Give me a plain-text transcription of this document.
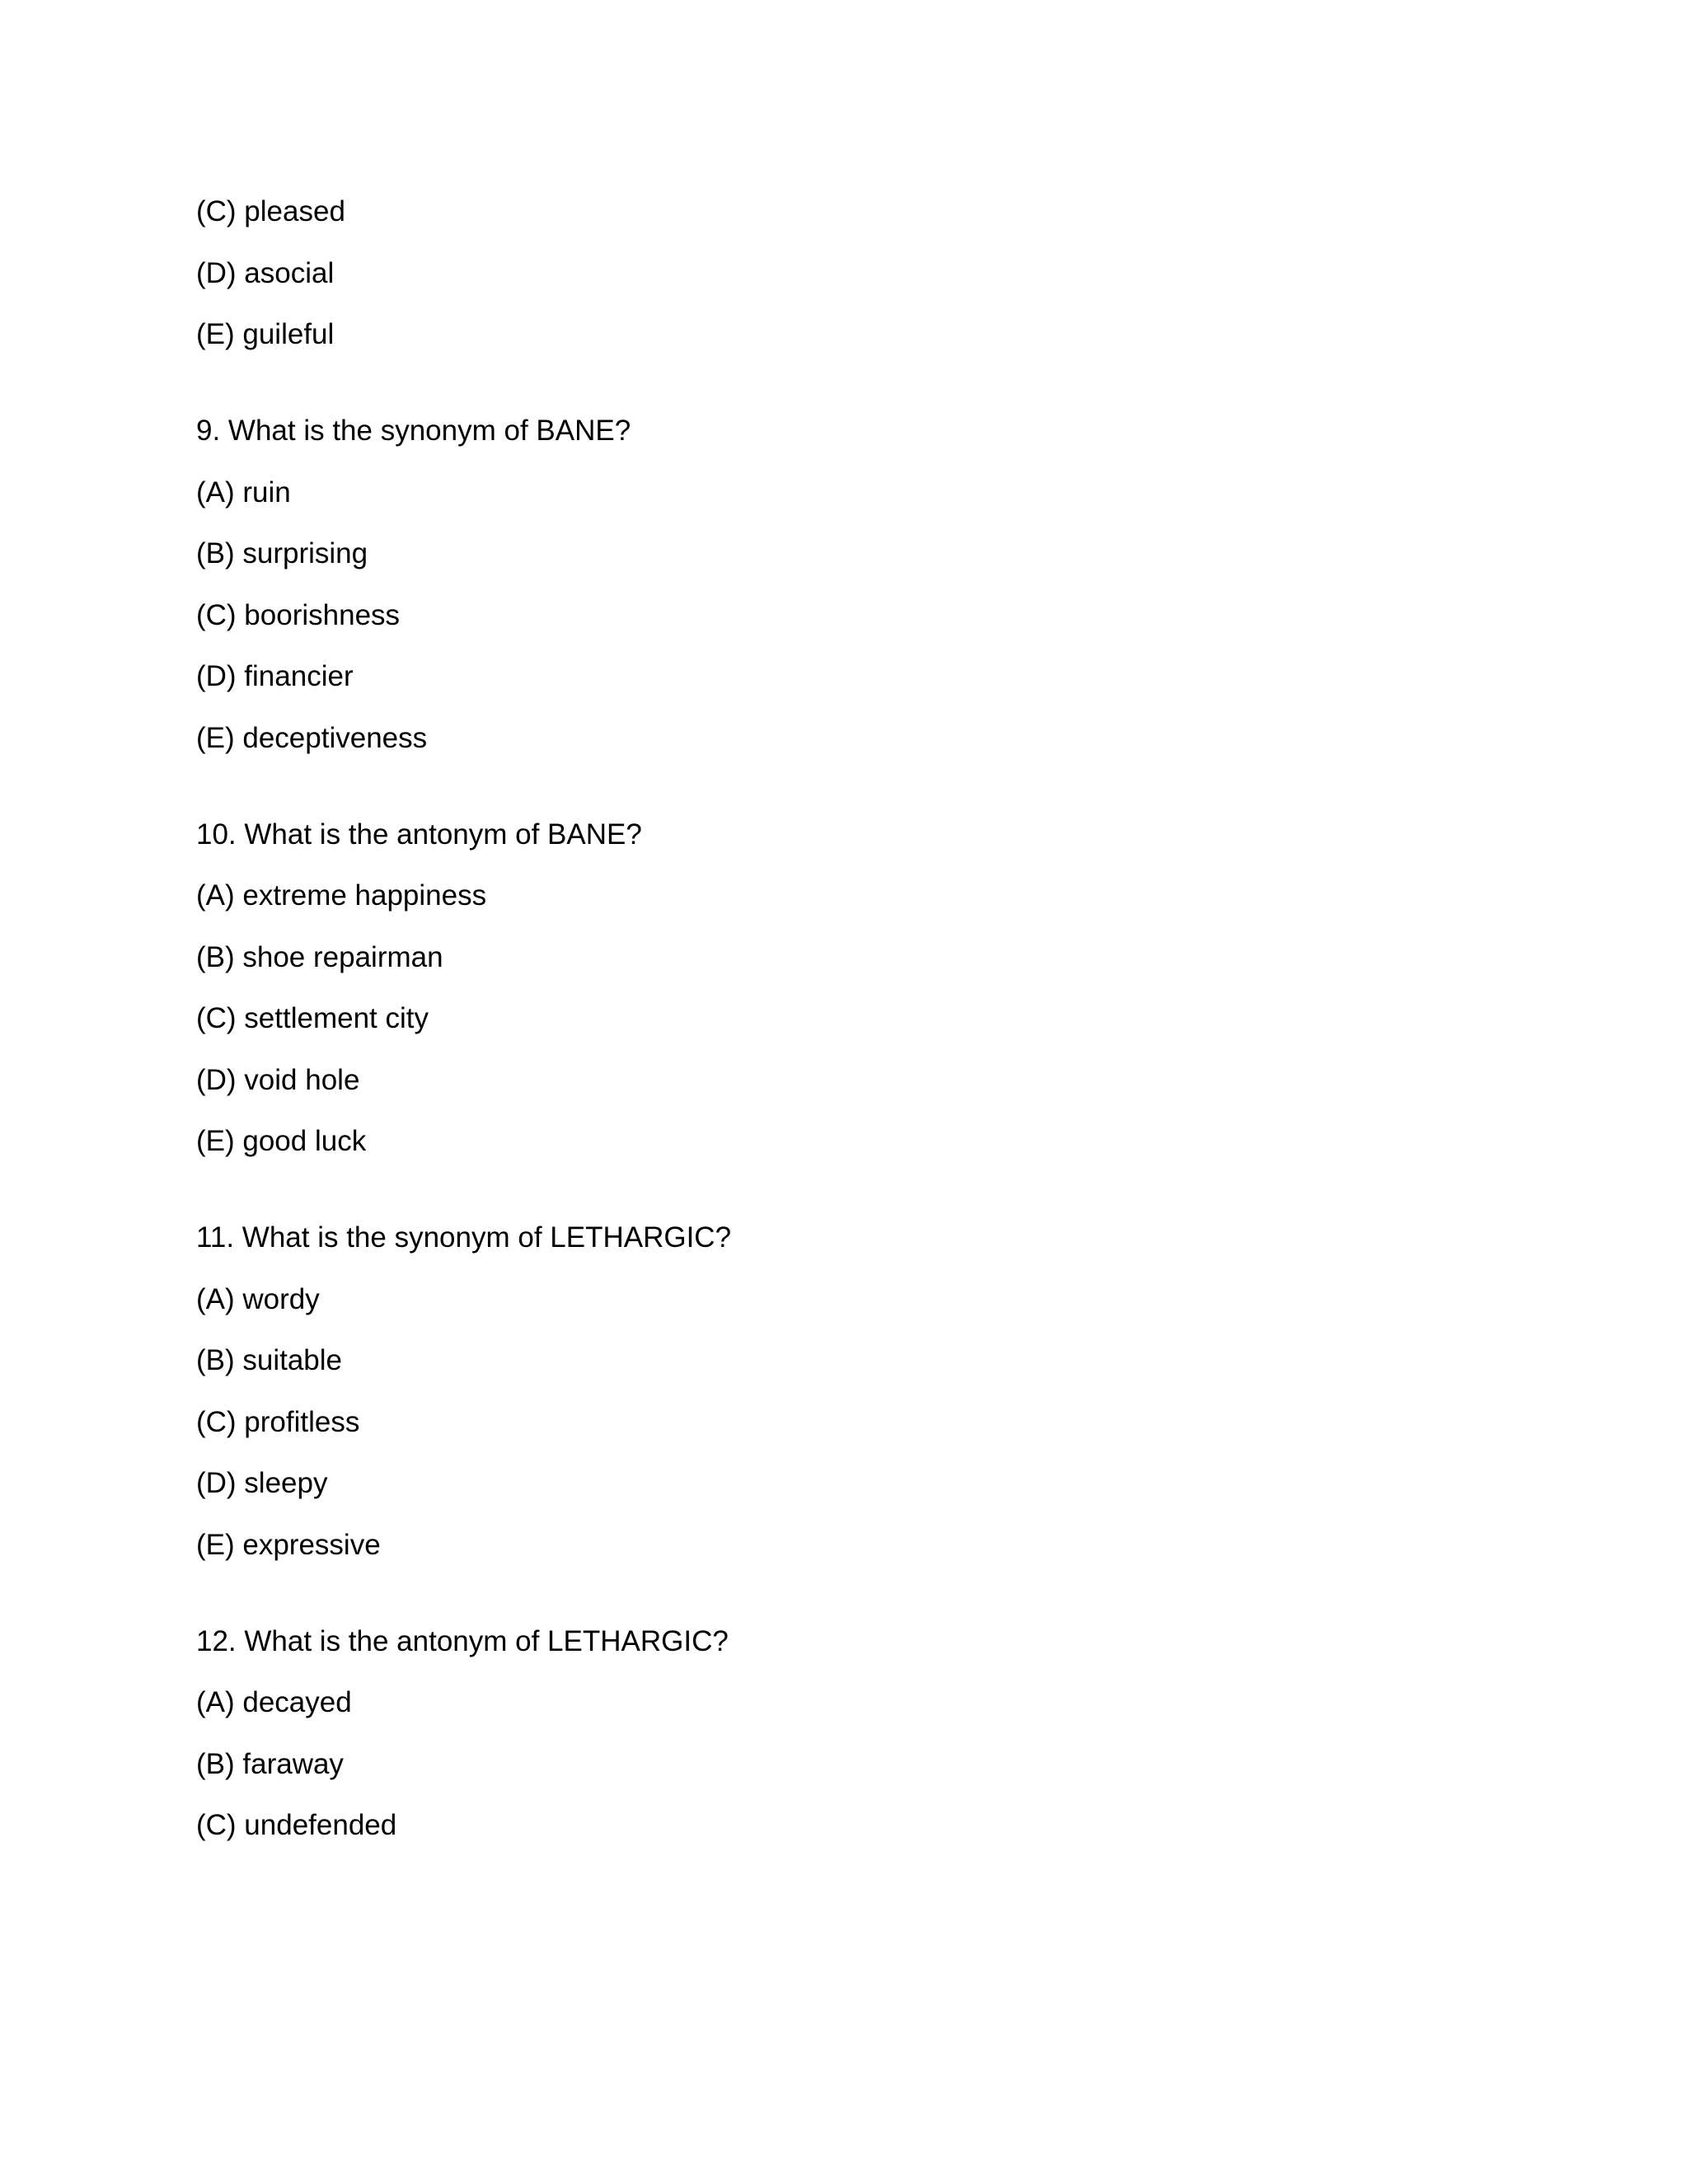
(C) pleased
(D) asocial
(E) guileful
9. What is the synonym of BANE?
(A) ruin
(B) surprising
(C) boorishness
(D) financier
(E) deceptiveness
10. What is the antonym of BANE?
(A) extreme happiness
(B) shoe repairman
(C) settlement city
(D) void hole
(E) good luck
11. What is the synonym of LETHARGIC?
(A) wordy
(B) suitable
(C) profitless
(D) sleepy
(E) expressive
12. What is the antonym of LETHARGIC?
(A) decayed
(B) faraway
(C) undefended
